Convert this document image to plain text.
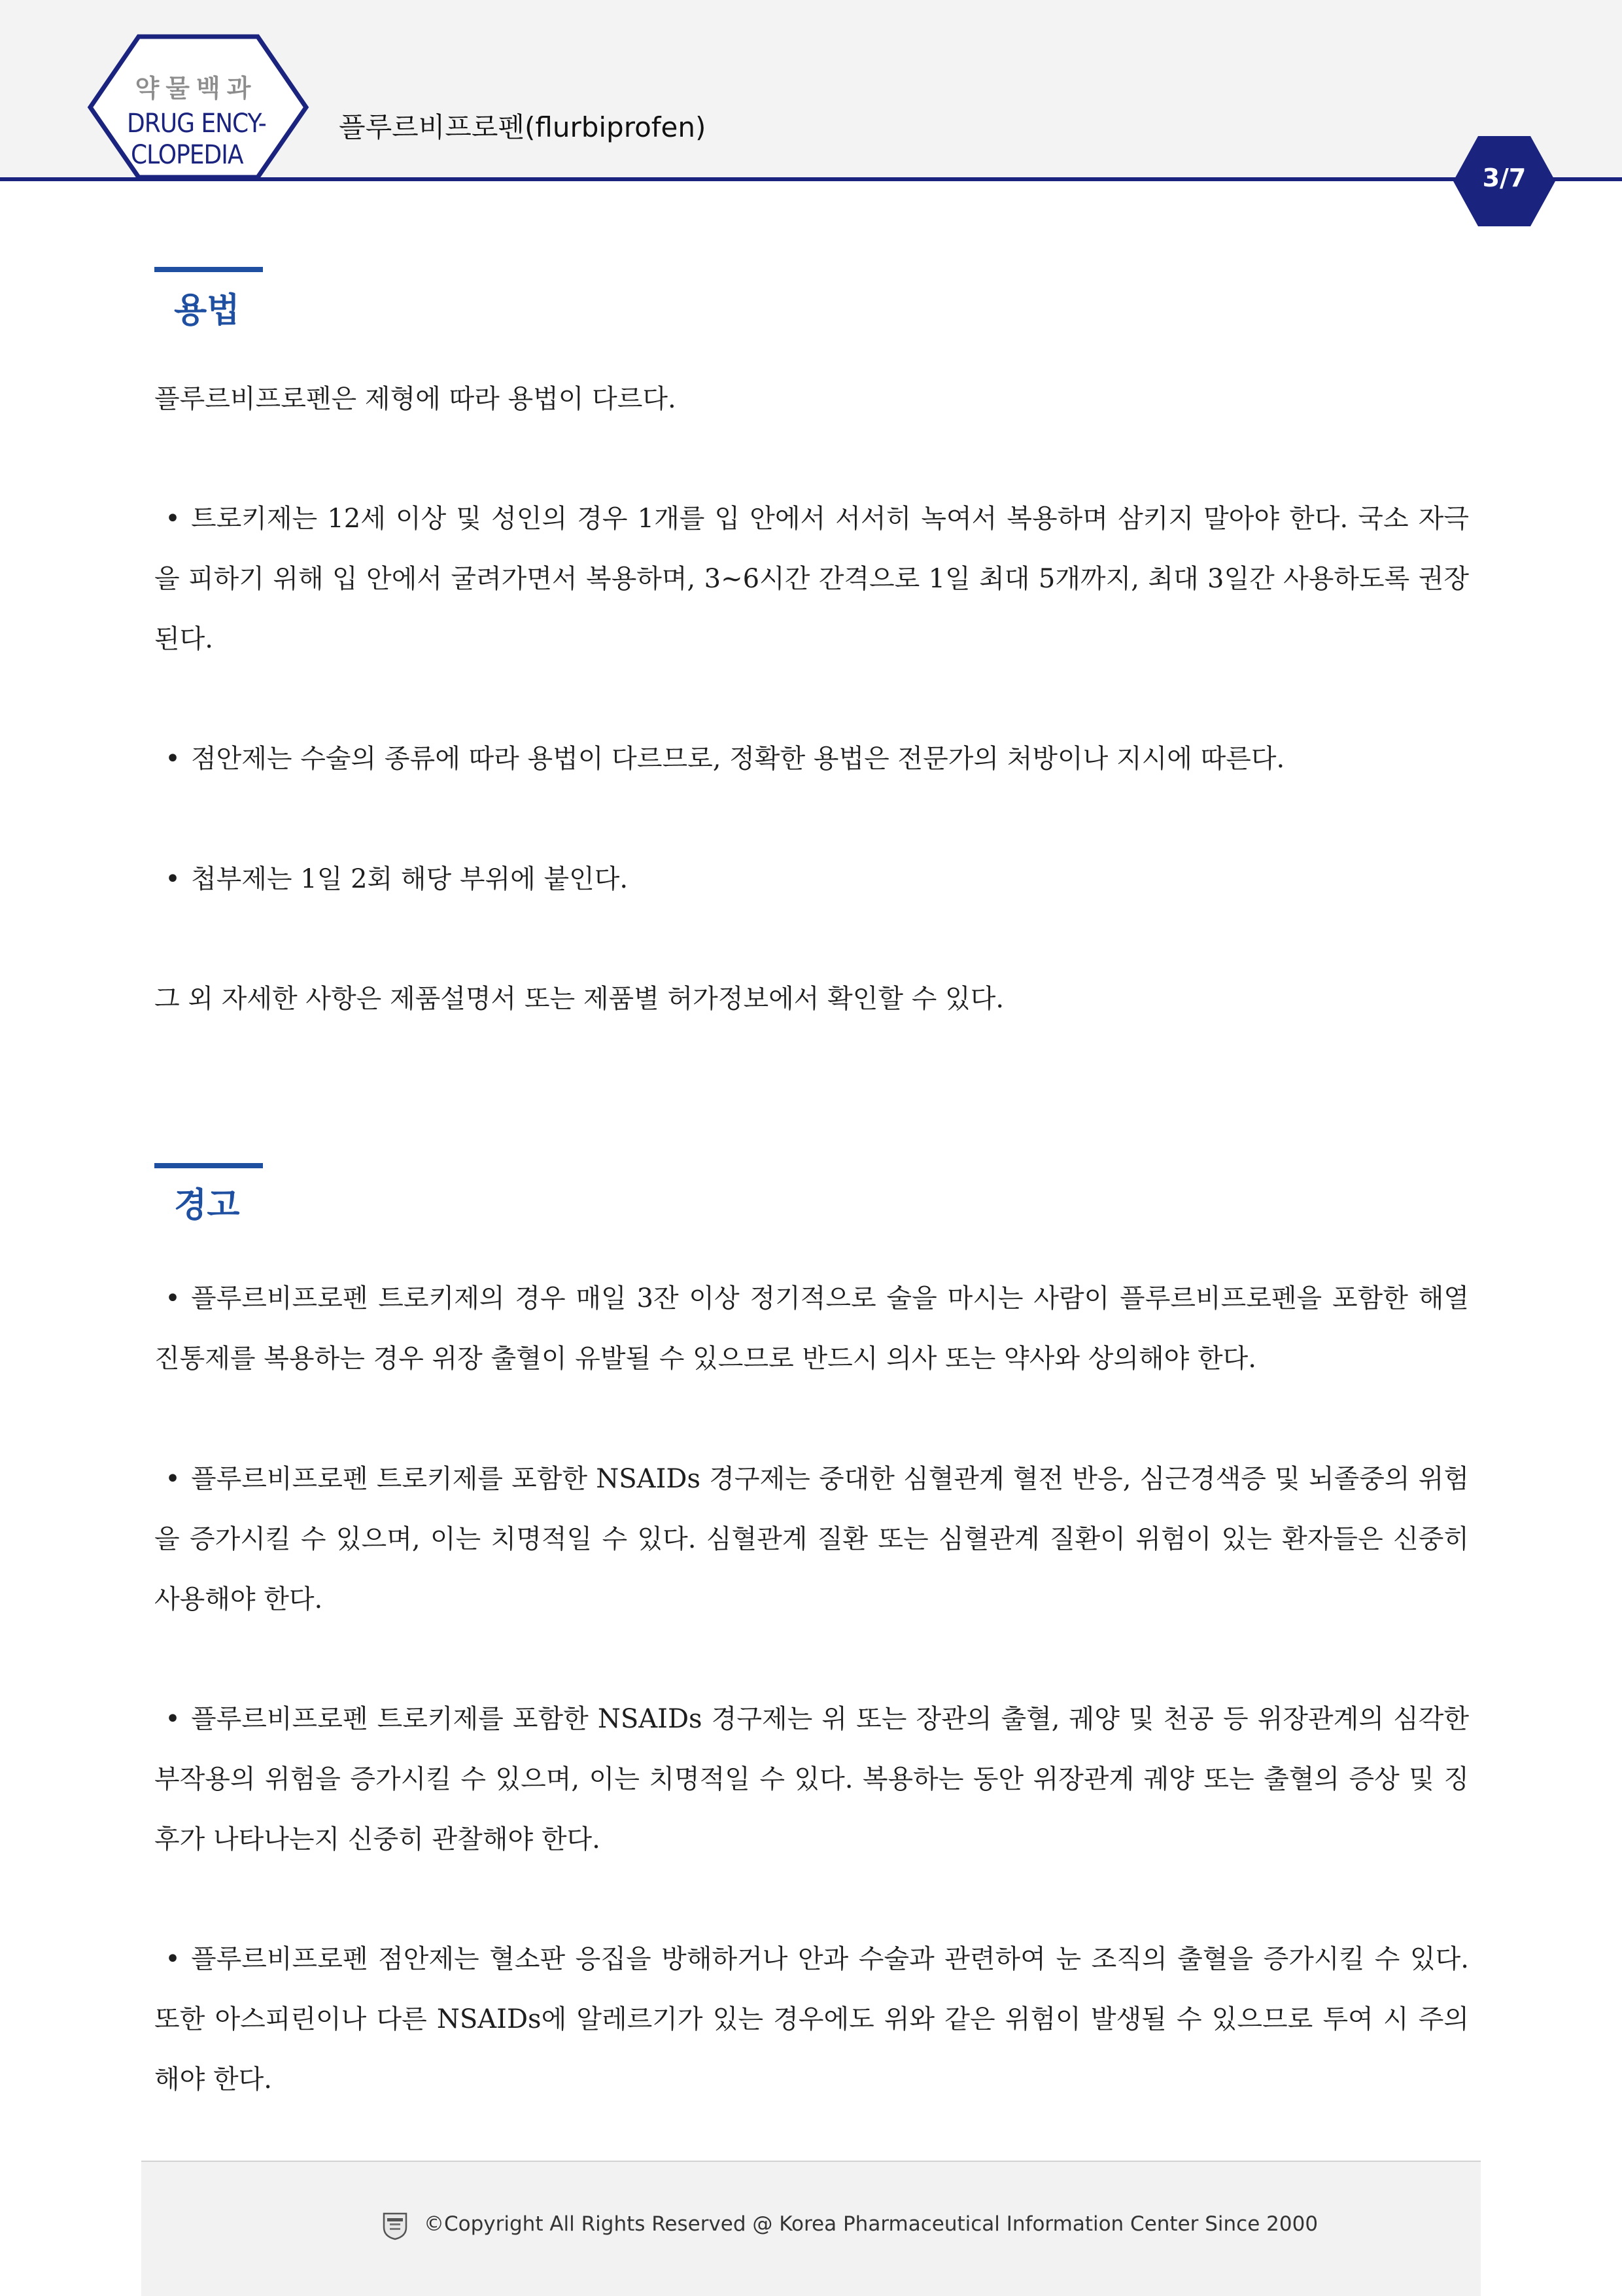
약물백과
DRUG ENCY-
CLOPEDIA
플루르비프로펜(flurbiprofen)
3/7
용법

플루르비프로펜은 제형에 따라 용법이 다르다.

• 트로키제는 12세 이상 및 성인의 경우 1개를 입 안에서 서서히 녹여서 복용하며 삼키지 말아야 한다. 국소 자극을 피하기 위해 입 안에서 굴려가면서 복용하며, 3~6시간 간격으로 1일 최대 5개까지, 최대 3일간 사용하도록 권장된다.

• 점안제는 수술의 종류에 따라 용법이 다르므로, 정확한 용법은 전문가의 처방이나 지시에 따른다.

• 첩부제는 1일 2회 해당 부위에 붙인다.

그 외 자세한 사항은 제품설명서 또는 제품별 허가정보에서 확인할 수 있다.

경고

• 플루르비프로펜 트로키제의 경우 매일 3잔 이상 정기적으로 술을 마시는 사람이 플루르비프로펜을 포함한 해열진통제를 복용하는 경우 위장 출혈이 유발될 수 있으므로 반드시 의사 또는 약사와 상의해야 한다.

• 플루르비프로펜 트로키제를 포함한 NSAIDs 경구제는 중대한 심혈관계 혈전 반응, 심근경색증 및 뇌졸중의 위험을 증가시킬 수 있으며, 이는 치명적일 수 있다. 심혈관계 질환 또는 심혈관계 질환이 위험이 있는 환자들은 신중히 사용해야 한다.

• 플루르비프로펜 트로키제를 포함한 NSAIDs 경구제는 위 또는 장관의 출혈, 궤양 및 천공 등 위장관계의 심각한 부작용의 위험을 증가시킬 수 있으며, 이는 치명적일 수 있다. 복용하는 동안 위장관계 궤양 또는 출혈의 증상 및 징후가 나타나는지 신중히 관찰해야 한다.

• 플루르비프로펜 점안제는 혈소판 응집을 방해하거나 안과 수술과 관련하여 눈 조직의 출혈을 증가시킬 수 있다. 또한 아스피린이나 다른 NSAIDs에 알레르기가 있는 경우에도 위와 같은 위험이 발생될 수 있으므로 투여 시 주의해야 한다.

©Copyright All Rights Reserved @ Korea Pharmaceutical Information Center Since 2000
